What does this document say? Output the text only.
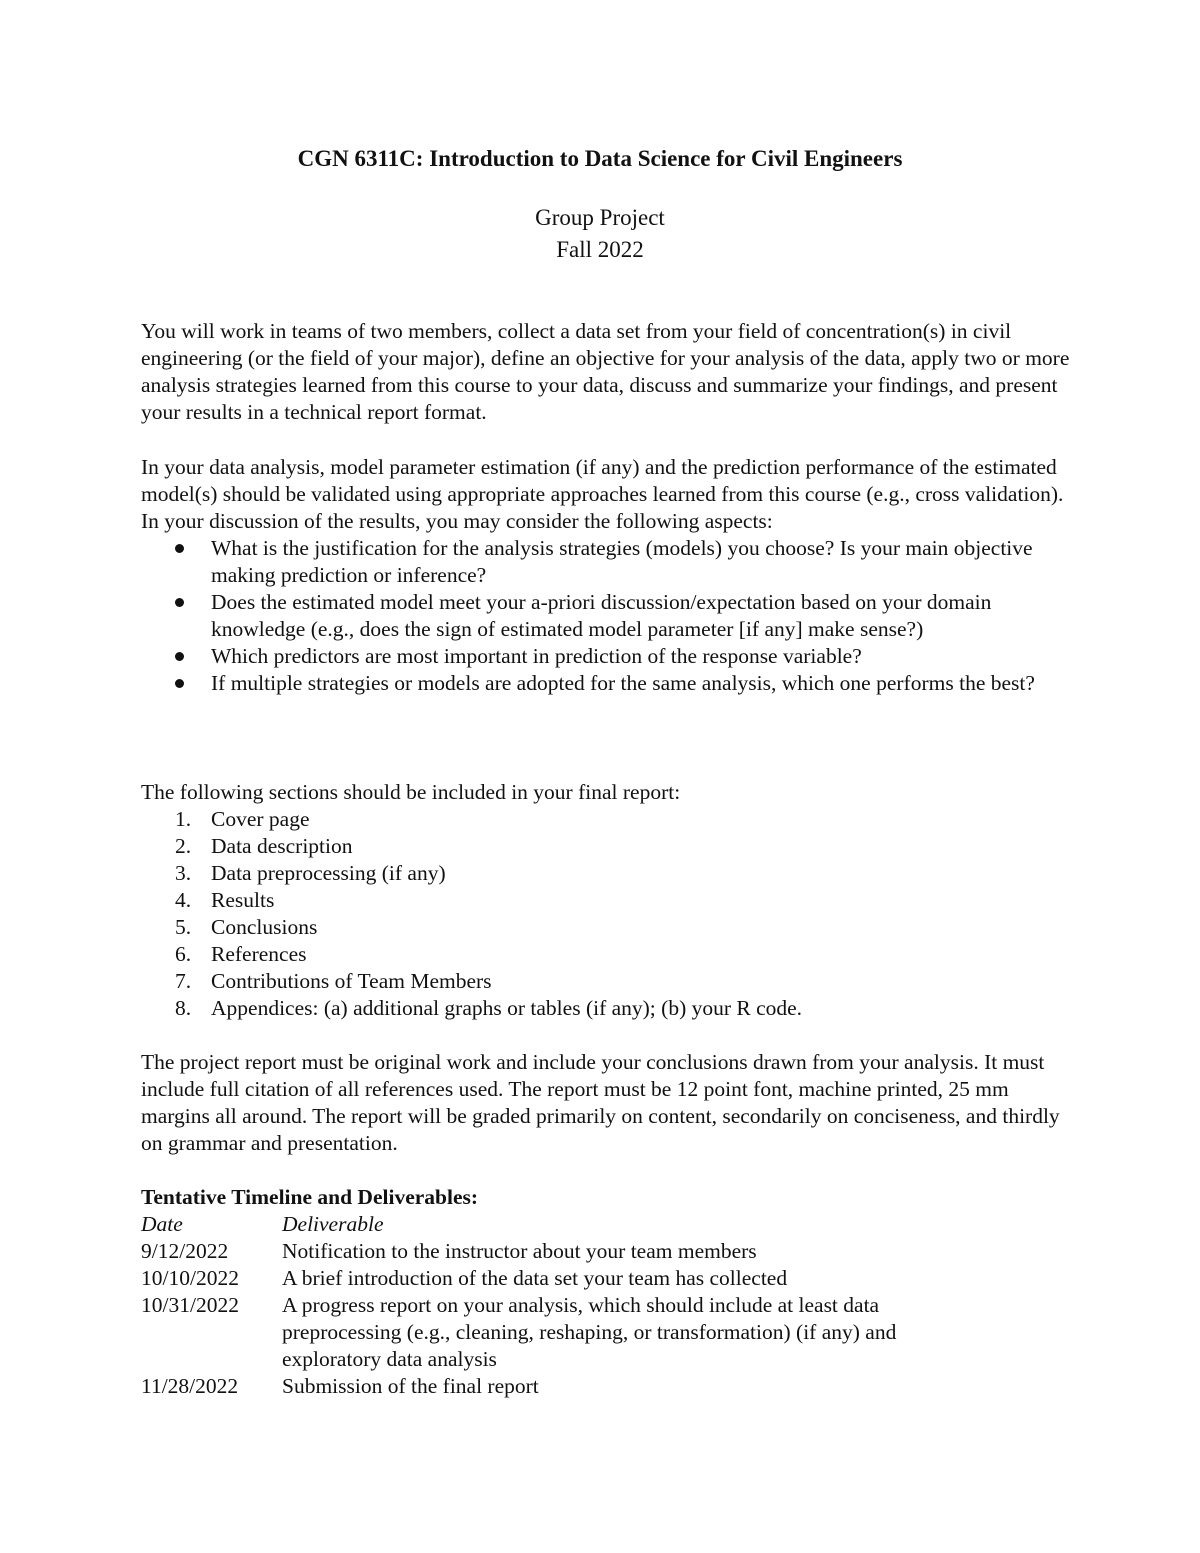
CGN 6311C: Introduction to Data Science for Civil Engineers
Group Project
Fall 2022

You will work in teams of two members, collect a data set from your field of concentration(s) in civil engineering (or the field of your major), define an objective for your analysis of the data, apply two or more analysis strategies learned from this course to your data, discuss and summarize your findings, and present your results in a technical report format.

In your data analysis, model parameter estimation (if any) and the prediction performance of the estimated model(s) should be validated using appropriate approaches learned from this course (e.g., cross validation). In your discussion of the results, you may consider the following aspects:

What is the justification for the analysis strategies (models) you choose? Is your main objective making prediction or inference?
Does the estimated model meet your a-priori discussion/expectation based on your domain knowledge (e.g., does the sign of estimated model parameter [if any] make sense?)
Which predictors are most important in prediction of the response variable?
If multiple strategies or models are adopted for the same analysis, which one performs the best?

The following sections should be included in your final report:

1. Cover page
2. Data description
3. Data preprocessing (if any)
4. Results
5. Conclusions
6. References
7. Contributions of Team Members
8. Appendices: (a) additional graphs or tables (if any); (b) your R code.

The project report must be original work and include your conclusions drawn from your analysis. It must include full citation of all references used. The report must be 12 point font, machine printed, 25 mm margins all around. The report will be graded primarily on content, secondarily on conciseness, and thirdly on grammar and presentation.

Tentative Timeline and Deliverables:
Date	Deliverable
9/12/2022	Notification to the instructor about your team members
10/10/2022	A brief introduction of the data set your team has collected
10/31/2022	A progress report on your analysis, which should include at least data preprocessing (e.g., cleaning, reshaping, or transformation) (if any) and exploratory data analysis
11/28/2022	Submission of the final report
